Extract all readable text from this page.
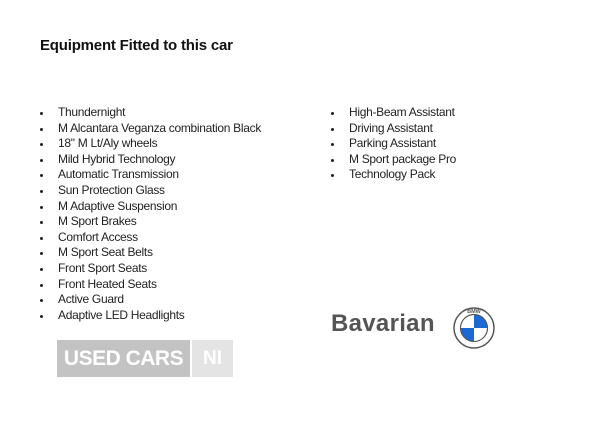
Equipment Fitted to this car
Thundernight
M Alcantara Veganza combination Black
18" M Lt/Aly wheels
Mild Hybrid Technology
Automatic Transmission
Sun Protection Glass
M Adaptive Suspension
M Sport Brakes
Comfort Access
M Sport Seat Belts
Front Sport Seats
Front Heated Seats
Active Guard
Adaptive LED Headlights
High-Beam Assistant
Driving Assistant
Parking Assistant
M Sport package Pro
Technology Pack
USED CARS	NI
Bavarian	BMW
